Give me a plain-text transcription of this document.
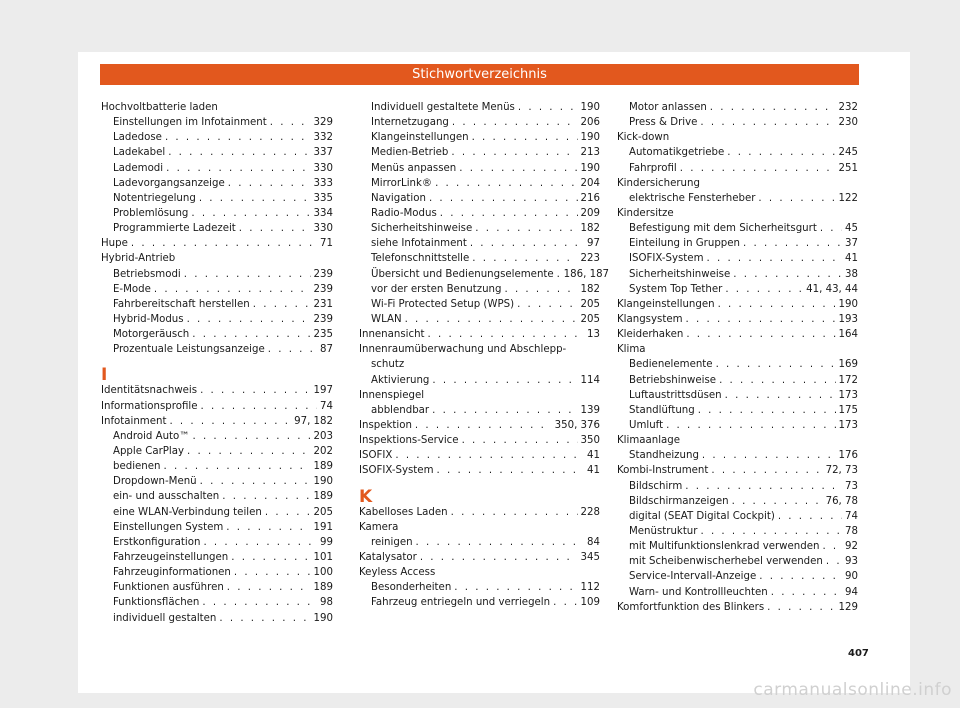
Stichwortverzeichnis
Hochvoltbatterie laden
Einstellungen im Infotainment . . .	329
Ladedose . . .	332
Ladekabel . . .	337
Lademodi . . .	330
Ladevorgangsanzeige . . .	333
Notentriegelung . . .	335
Problemlösung . . .	334
Programmierte Ladezeit . . .	330
Hupe . . .	71
Hybrid-Antrieb
Betriebsmodi . . .	239
E-Mode . . .	239
Fahrbereitschaft herstellen . . .	231
Hybrid-Modus . . .	239
Motorgeräusch . . .	235
Prozentuale Leistungsanzeige . . .	87
I
Identitätsnachweis . . .	197
Informationsprofile . . .	74
Infotainment . . .	97, 182
Android Auto™ . . .	203
Apple CarPlay . . .	202
bedienen . . .	189
Dropdown-Menü . . .	190
ein- und ausschalten . . .	189
eine WLAN-Verbindung teilen . . .	205
Einstellungen System . . .	191
Erstkonfiguration . . .	99
Fahrzeugeinstellungen . . .	101
Fahrzeuginformationen . . .	100
Funktionen ausführen . . .	189
Funktionsflächen . . .	98
individuell gestalten . . .	190
Individuell gestaltete Menüs . . .	190
Internetzugang . . .	206
Klangeinstellungen . . .	190
Medien-Betrieb . . .	213
Menüs anpassen . . .	190
MirrorLink® . . .	204
Navigation . . .	216
Radio-Modus . . .	209
Sicherheitshinweise . . .	182
siehe Infotainment . . .	97
Telefonschnittstelle . . .	223
Übersicht und Bedienungselemente . . . 186, 187
vor der ersten Benutzung . . .	182
Wi-Fi Protected Setup (WPS) . . .	205
WLAN . . .	205
Innenansicht . . .	13
Innenraumüberwachung und Abschlepp-
schutz
Aktivierung . . .	114
Innenspiegel
abblendbar . . .	139
Inspektion . . .	350, 376
Inspektions-Service . . .	350
ISOFIX . . .	41
ISOFIX-System . . .	41
K
Kabelloses Laden . . .	228
Kamera
reinigen . . .	84
Katalysator . . .	345
Keyless Access
Besonderheiten . . .	112
Fahrzeug entriegeln und verriegeln . . .	109
Motor anlassen . . .	232
Press & Drive . . .	230
Kick-down
Automatikgetriebe . . .	245
Fahrprofil . . .	251
Kindersicherung
elektrische Fensterheber . . .	122
Kindersitze
Befestigung mit dem Sicherheitsgurt . . .	45
Einteilung in Gruppen . . .	37
ISOFIX-System . . .	41
Sicherheitshinweise . . .	38
System Top Tether . . .	41, 43, 44
Klangeinstellungen . . .	190
Klangsystem . . .	193
Kleiderhaken . . .	164
Klima
Bedienelemente . . .	169
Betriebshinweise . . .	172
Luftaustrittsdüsen . . .	173
Standlüftung . . .	175
Umluft . . .	173
Klimaanlage
Standheizung . . .	176
Kombi-Instrument . . .	72, 73
Bildschirm . . .	73
Bildschirmanzeigen . . .	76, 78
digital (SEAT Digital Cockpit) . . .	74
Menüstruktur . . .	78
mit Multifunktionslenkrad verwenden . . .	92
mit Scheibenwischerhebel verwenden . . . 93
Service-Intervall-Anzeige . . .	90
Warn- und Kontrollleuchten . . .	94
Komfortfunktion des Blinkers . . .	129
407
carmanualsonline.info
